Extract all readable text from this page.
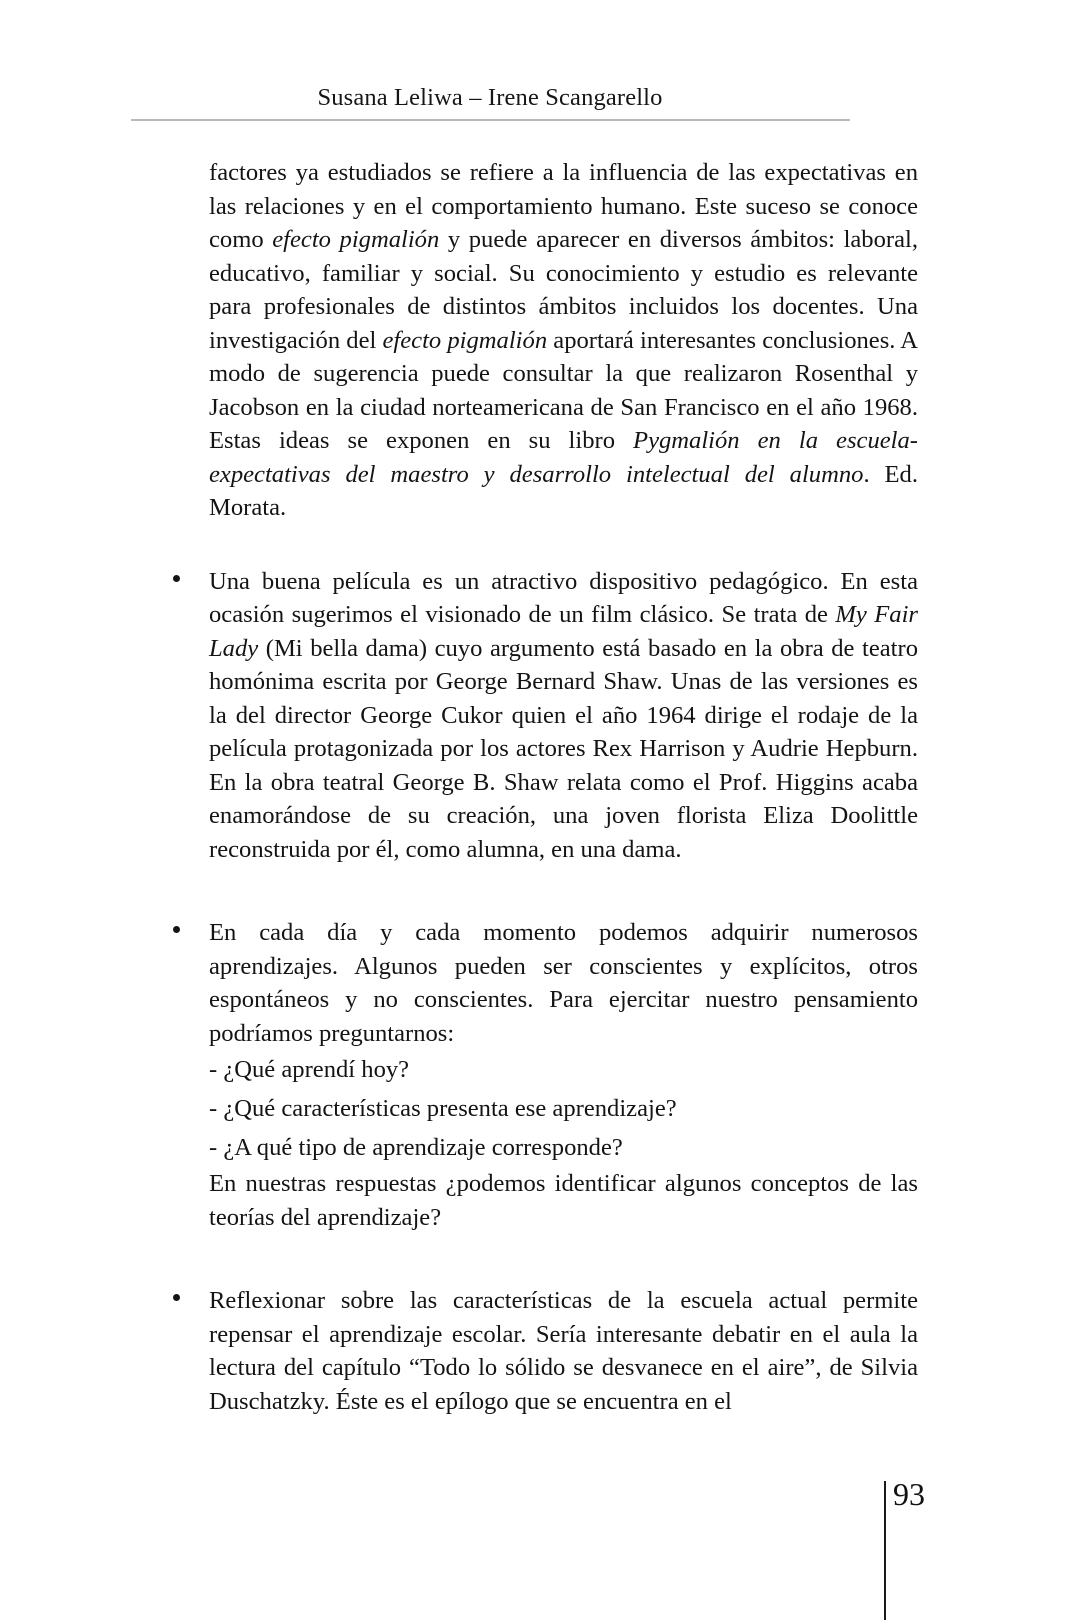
Susana Leliwa – Irene Scangarello

factores ya estudiados se refiere a la influencia de las expectativas en las relaciones y en el comportamiento humano. Este suceso se conoce como efecto pigmalión y puede aparecer en diversos ámbitos: laboral, educativo, familiar y social. Su conocimiento y estudio es relevante para profesionales de distintos ámbitos incluidos los docentes. Una investigación del efecto pigmalión aportará interesantes conclusiones. A modo de sugerencia puede consultar la que realizaron Rosenthal y Jacobson en la ciudad norteamericana de San Francisco en el año 1968. Estas ideas se exponen en su libro Pygmalión en la escuela-expectativas del maestro y desarrollo intelectual del alumno. Ed. Morata.

Una buena película es un atractivo dispositivo pedagógico. En esta ocasión sugerimos el visionado de un film clásico. Se trata de My Fair Lady (Mi bella dama) cuyo argumento está basado en la obra de teatro homónima escrita por George Bernard Shaw. Unas de las versiones es la del director George Cukor quien el año 1964 dirige el rodaje de la película protagonizada por los actores Rex Harrison y Audrie Hepburn. En la obra teatral George B. Shaw relata como el Prof. Higgins acaba enamorándose de su creación, una joven florista Eliza Doolittle reconstruida por él, como alumna, en una dama.

En cada día y cada momento podemos adquirir numerosos aprendizajes. Algunos pueden ser conscientes y explícitos, otros espontáneos y no conscientes. Para ejercitar nuestro pensamiento podríamos preguntarnos:

- ¿Qué aprendí hoy?

- ¿Qué características presenta ese aprendizaje?

- ¿A qué tipo de aprendizaje corresponde?

En nuestras respuestas ¿podemos identificar algunos conceptos de las teorías del aprendizaje?

Reflexionar sobre las características de la escuela actual permite repensar el aprendizaje escolar. Sería interesante debatir en el aula la lectura del capítulo “Todo lo sólido se desvanece en el aire”, de Silvia Duschatzky. Éste es el epílogo que se encuentra en el

93
